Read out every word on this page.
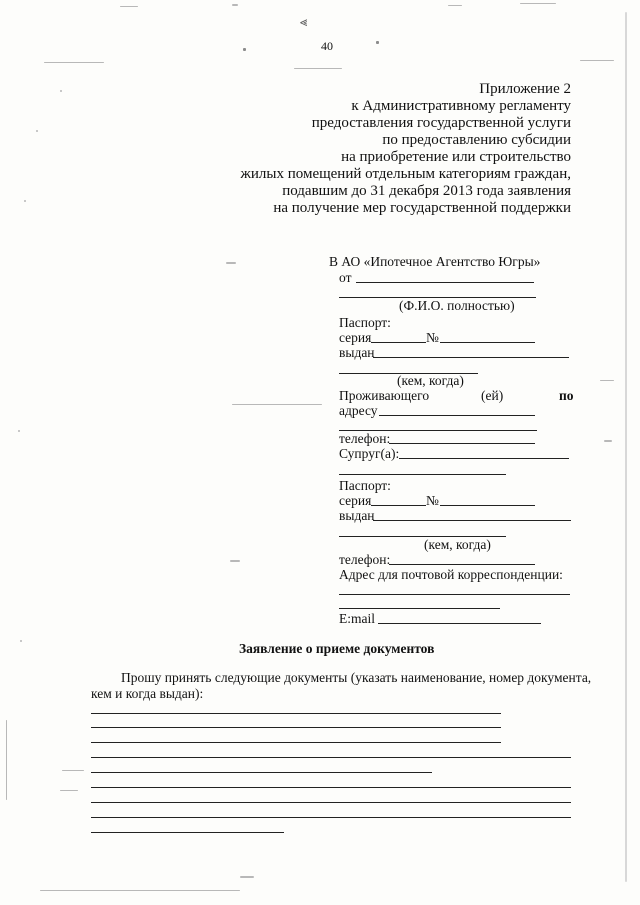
⪡
40
Приложение 2
к Административному регламенту
предоставления государственной услуги
по предоставлению субсидии
на приобретение или строительство
жилых помещений отдельным категориям граждан,
подавшим до 31 декабря 2013 года заявления
на получение мер государственной поддержки
В АО «Ипотечное Агентство Югры»
от
(Ф.И.О. полностью)
Паспорт:
серия	№
выдан
(кем, когда)
Проживающего	(ей)	по
адресу
телефон:
Супруг(а):
Паспорт:
серия	№
выдан
(кем, когда)
телефон:
Адрес для почтовой корреспонденции:
E:mail
Заявление о приеме документов
Прошу принять следующие документы (указать наименование, номер документа,
кем и когда выдан):
